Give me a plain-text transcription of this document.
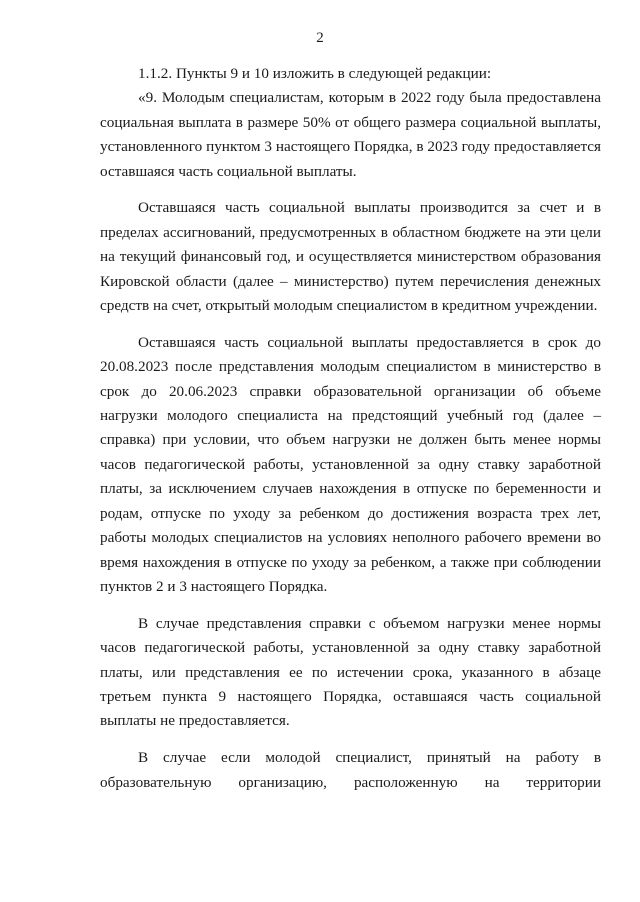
2

1.1.2. Пункты 9 и 10 изложить в следующей редакции:

«9. Молодым специалистам, которым в 2022 году была предоставлена социальная выплата в размере 50% от общего размера социальной выплаты, установленного пунктом 3 настоящего Порядка, в 2023 году предоставляется оставшаяся часть социальной выплаты.

Оставшаяся часть социальной выплаты производится за счет и в пределах ассигнований, предусмотренных в областном бюджете на эти цели на текущий финансовый год, и осуществляется министерством образования Кировской области (далее – министерство) путем перечисления денежных средств на счет, открытый молодым специалистом в кредитном учреждении.

Оставшаяся часть социальной выплаты предоставляется в срок до 20.08.2023 после представления молодым специалистом в министерство в срок до 20.06.2023 справки образовательной организации об объеме нагрузки молодого специалиста на предстоящий учебный год (далее – справка) при условии, что объем нагрузки не должен быть менее нормы часов педагогической работы, установленной за одну ставку заработной платы, за исключением случаев нахождения в отпуске по беременности и родам, отпуске по уходу за ребенком до достижения возраста трех лет, работы молодых специалистов на условиях неполного рабочего времени во время нахождения в отпуске по уходу за ребенком, а также при соблюдении пунктов 2 и 3 настоящего Порядка.

В случае представления справки с объемом нагрузки менее нормы часов педагогической работы, установленной за одну ставку заработной платы, или представления ее по истечении срока, указанного в абзаце третьем пункта 9 настоящего Порядка, оставшаяся часть социальной выплаты не предоставляется.

В случае если молодой специалист, принятый на работу в образовательную организацию, расположенную на территории
